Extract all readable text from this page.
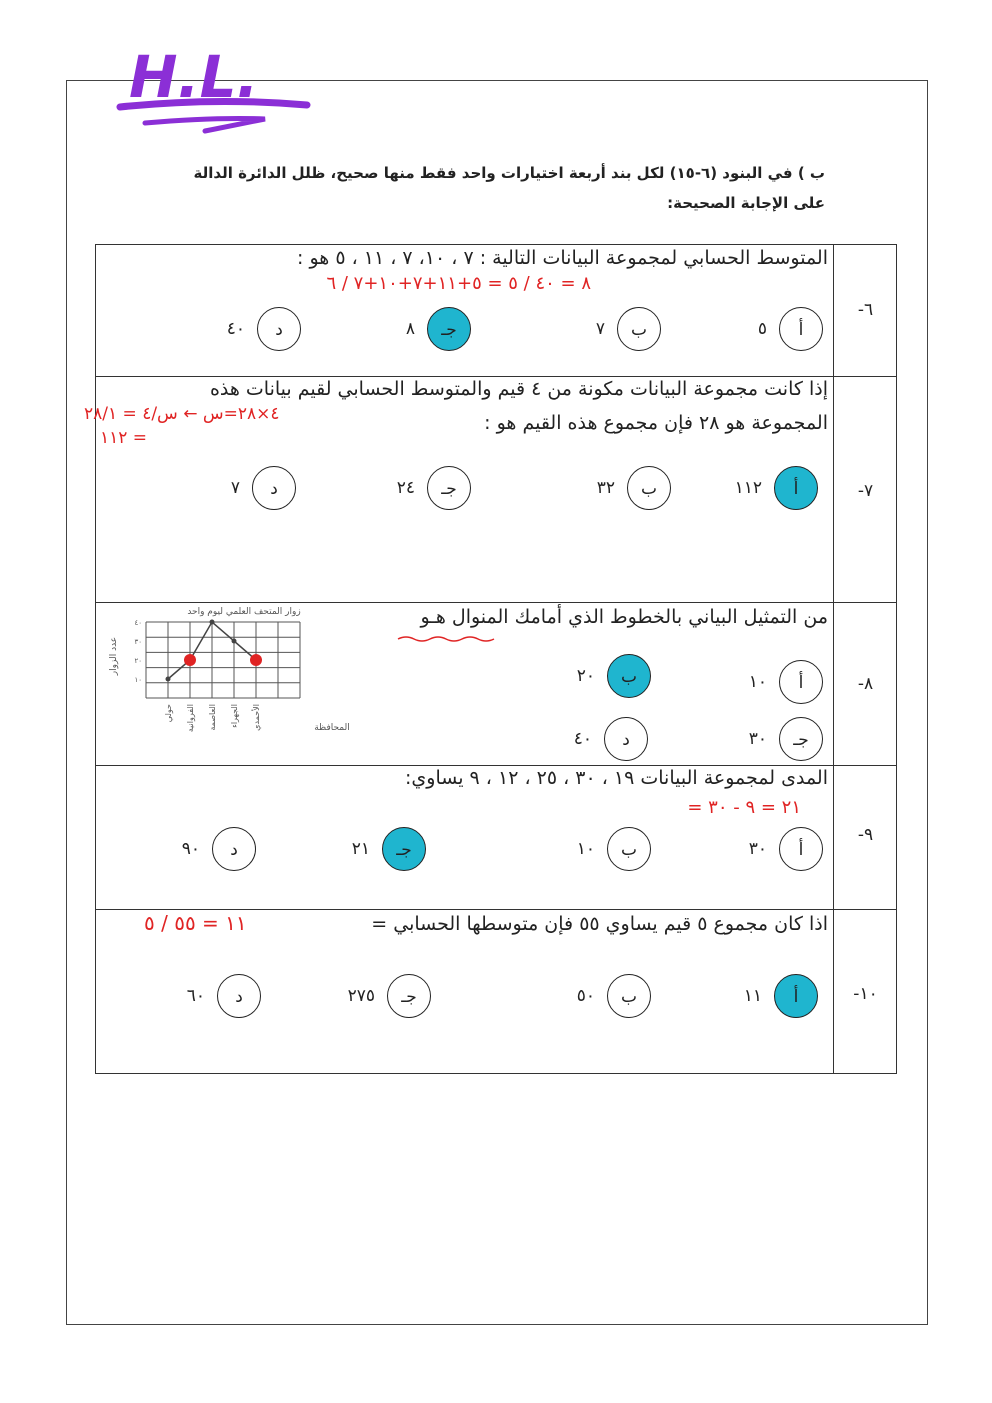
H.L.
ب ) في البنود (٦-١٥) لكل بند أربعة اختيارات واحد فقط منها صحيح، ظلل الدائرة الدالة
على الإجابة الصحيحة:
-٦
المتوسط الحسابي لمجموعة البيانات التالية : ٧ ، ١٠، ٧ ، ١١ ، ٥ هو :
٨ = ٤٠ / ٥ = ٥+١١+٧+١٠+٧ / ٦
أ
٥
ب
٧
جـ
٨
د
٤٠
-٧
إذا كانت مجموعة البيانات مكونة من ٤ قيم والمتوسط الحسابي لقيم بيانات هذه
المجموعة هو ٢٨ فإن مجموع هذه القيم هو :
٤×٢٨=س ← س/٤ = ٢٨/١
= ١١٢
أ
١١٢
ب
٣٢
جـ
٢٤
د
٧
-٨
من التمثيل البياني بالخطوط الذي أمامك المنوال هـو
أ
١٠
ب
٢٠
جـ
٣٠
د
٤٠
زوار المتحف العلمي ليوم واحد
عدد الزوار
المحافظة
١٠
٢٠
٣٠
٤٠
حولي الفروانية العاصمة الجهراء الأحمدي
-٩
المدى لمجموعة البيانات ١٩ ، ٣٠ ، ٢٥ ، ١٢ ، ٩ يساوي:
٢١ = ٩ - ٣٠ =
أ
٣٠
ب
١٠
جـ
٢١
د
٩٠
-١٠
اذا كان مجموع ٥ قيم يساوي ٥٥ فإن متوسطها الحسابي =
١١ = ٥٥ / ٥
أ
١١
ب
٥٠
جـ
٢٧٥
د
٦٠
